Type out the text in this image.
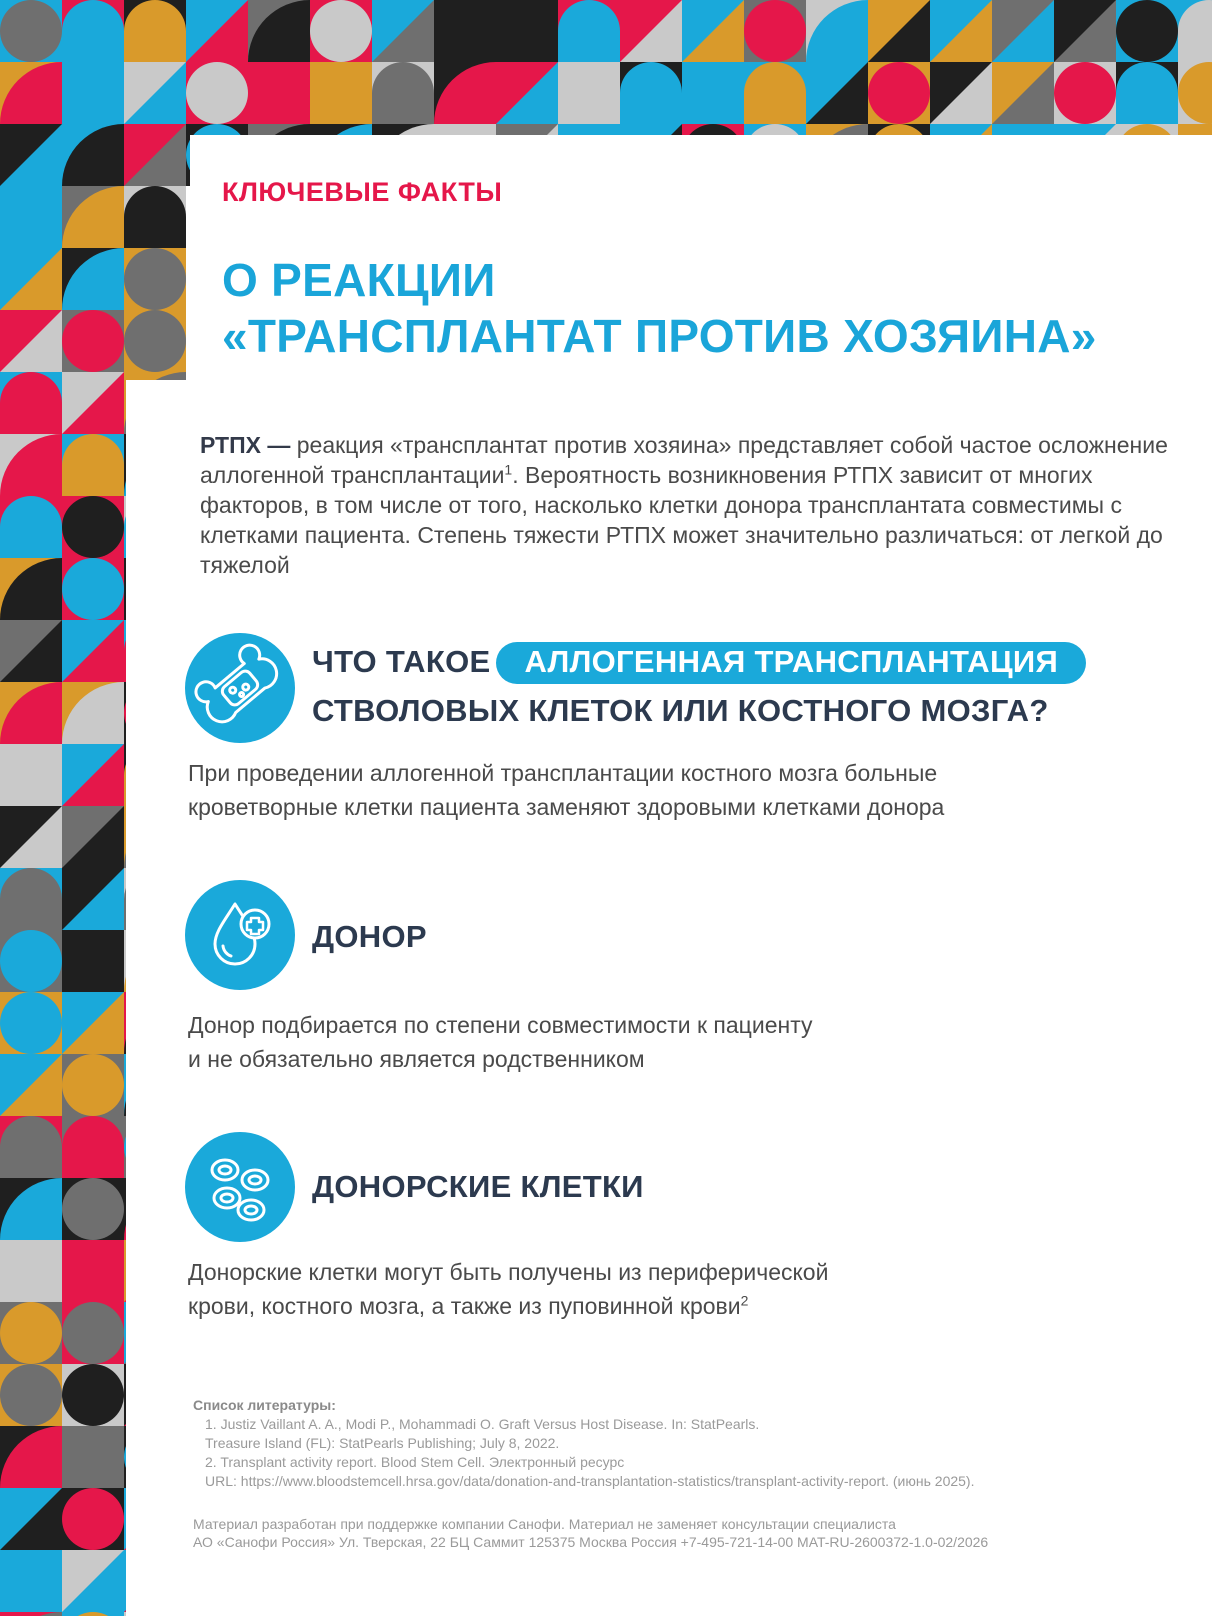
КЛЮЧЕВЫЕ ФАКТЫ
О РЕАКЦИИ
«ТРАНСПЛАНТАТ ПРОТИВ ХОЗЯИНА»
РТПХ — реакция «трансплантат против хозяина» представляет собой частое осложнение аллогенной трансплантации$^1$. Вероятность возникновения РТПХ зависит от многих факторов, в том числе от того, насколько клетки донора трансплантата совместимы с клетками пациента. Степень тяжести РТПХ может значительно различаться: от легкой до тяжелой
ЧТО ТАКОЕ АЛЛОГЕННАЯ ТРАНСПЛАНТАЦИЯ
СТВОЛОВЫХ КЛЕТОК ИЛИ КОСТНОГО МОЗГА?
При проведении аллогенной трансплантации костного мозга больные
кроветворные клетки пациента заменяют здоровыми клетками донора
ДОНОР
Донор подбирается по степени совместимости к пациенту
и не обязательно является родственником
ДОНОРСКИЕ КЛЕТКИ
Донорские клетки могут быть получены из периферической
крови, костного мозга, а также из пуповинной крови$^2$
Список литературы:
1. Justiz Vaillant A. A., Modi P., Mohammadi O. Graft Versus Host Disease. In: StatPearls.
Treasure Island (FL): StatPearls Publishing; July 8, 2022.
2. Transplant activity report. Blood Stem Cell. Электронный ресурс
URL: https://www.bloodstemcell.hrsa.gov/data/donation-and-transplantation-statistics/transplant-activity-report. (июнь 2025).
Материал разработан при поддержке компании Санофи. Материал не заменяет консультации специалиста
АО «Санофи Россия» Ул. Тверская, 22 БЦ Саммит 125375 Москва Россия +7-495-721-14-00 MAT-RU-2600372-1.0-02/2026
